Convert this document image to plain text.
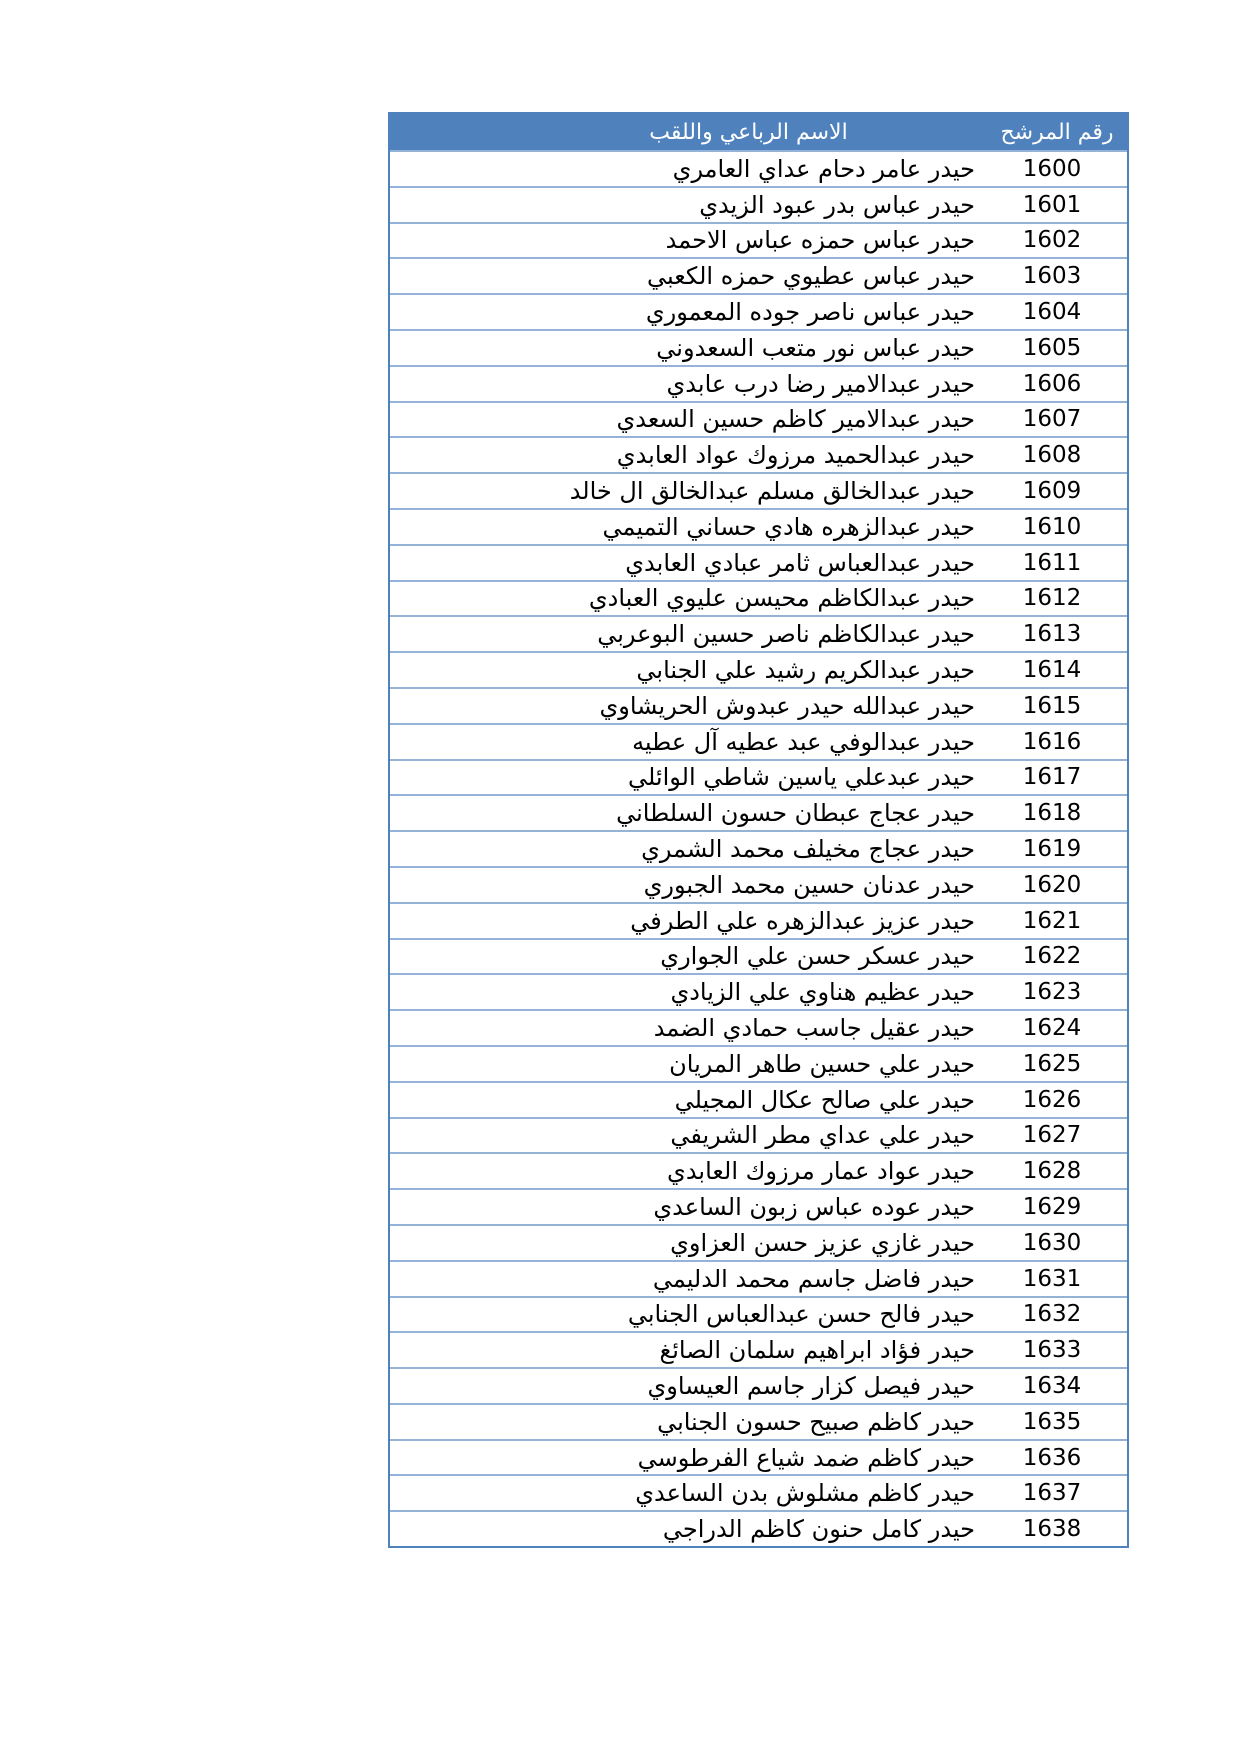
رقم المرشح
الاسم الرباعي واللقب
1600
حيدر عامر دحام عداي العامري
1601
حيدر عباس بدر عبود الزيدي
1602
حيدر عباس حمزه عباس الاحمد
1603
حيدر عباس عطيوي حمزه الكعبي
1604
حيدر عباس ناصر جوده المعموري
1605
حيدر عباس نور متعب السعدوني
1606
حيدر عبدالامير رضا درب عابدي
1607
حيدر عبدالامير كاظم حسين السعدي
1608
حيدر عبدالحميد مرزوك عواد العابدي
1609
حيدر عبدالخالق مسلم عبدالخالق ال خالد
1610
حيدر عبدالزهره هادي حساني التميمي
1611
حيدر عبدالعباس ثامر عبادي العابدي
1612
حيدر عبدالكاظم محيسن عليوي العبادي
1613
حيدر عبدالكاظم ناصر حسين البوعربي
1614
حيدر عبدالكريم رشيد علي الجنابي
1615
حيدر عبدالله حيدر عبدوش الحريشاوي
1616
حيدر عبدالوفي عبد عطيه آل عطيه
1617
حيدر عبدعلي ياسين شاطي الوائلي
1618
حيدر عجاج عبطان حسون السلطاني
1619
حيدر عجاج مخيلف محمد الشمري
1620
حيدر عدنان حسين محمد الجبوري
1621
حيدر عزيز عبدالزهره علي الطرفي
1622
حيدر عسكر حسن علي الجواري
1623
حيدر عظيم هناوي علي الزيادي
1624
حيدر عقيل جاسب حمادي الضمد
1625
حيدر علي حسين طاهر المريان
1626
حيدر علي صالح عكال المجيلي
1627
حيدر علي عداي مطر الشريفي
1628
حيدر عواد عمار مرزوك العابدي
1629
حيدر عوده عباس زبون الساعدي
1630
حيدر غازي عزيز حسن العزاوي
1631
حيدر فاضل جاسم محمد الدليمي
1632
حيدر فالح حسن عبدالعباس الجنابي
1633
حيدر فؤاد ابراهيم سلمان الصائغ
1634
حيدر فيصل كزار جاسم العيساوي
1635
حيدر كاظم صبيح حسون الجنابي
1636
حيدر كاظم ضمد شياع الفرطوسي
1637
حيدر كاظم مشلوش بدن الساعدي
1638
حيدر كامل حنون كاظم الدراجي
